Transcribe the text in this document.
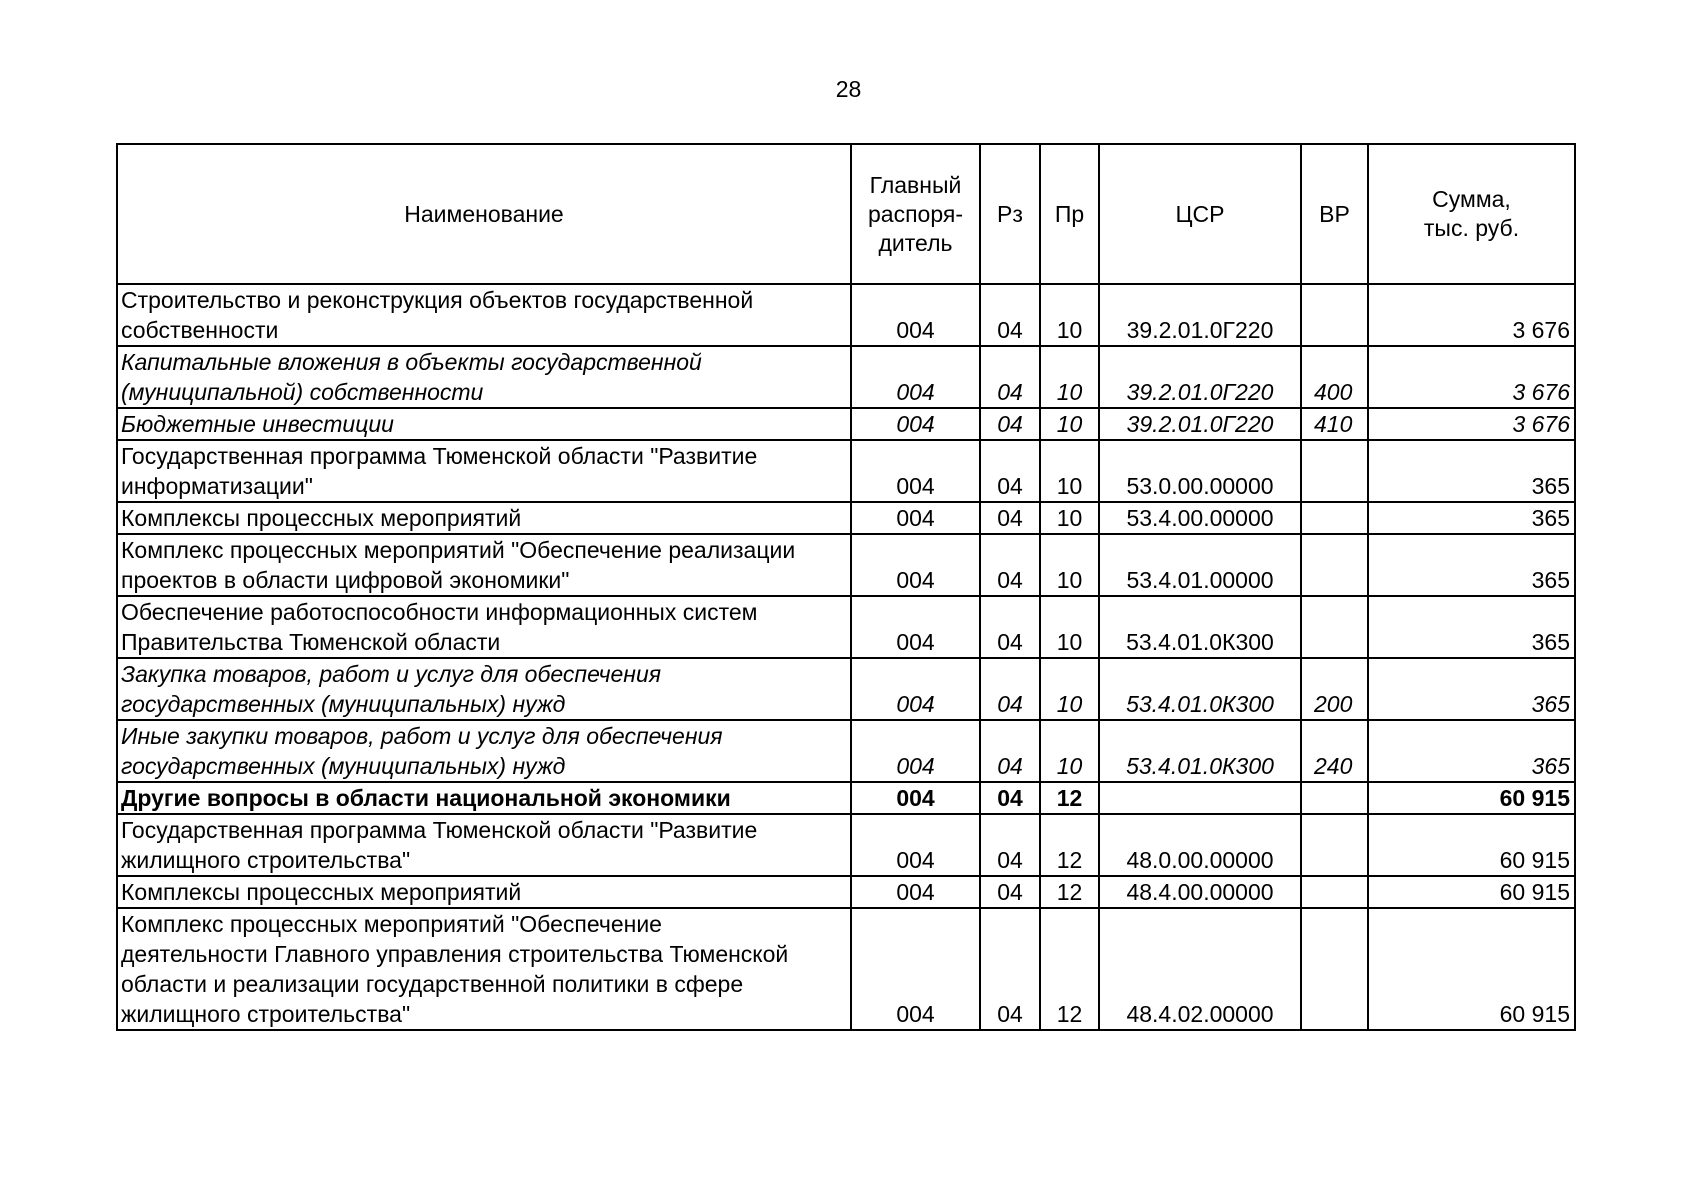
28
Наименование	Главный
распоря-
дитель	Рз	Пр	ЦСР	ВР	Сумма,
тыс. руб.
Строительство и реконструкция объектов государственной
собственности	004	04	10	39.2.01.0Г220		3 676
Капитальные вложения в объекты государственной
(муниципальной) собственности	004	04	10	39.2.01.0Г220	400	3 676
Бюджетные инвестиции	004	04	10	39.2.01.0Г220	410	3 676
Государственная программа Тюменской области "Развитие
информатизации"	004	04	10	53.0.00.00000		365
Комплексы процессных мероприятий	004	04	10	53.4.00.00000		365
Комплекс процессных мероприятий "Обеспечение реализации
проектов в области цифровой экономики"	004	04	10	53.4.01.00000		365
Обеспечение работоспособности информационных систем
Правительства Тюменской области	004	04	10	53.4.01.0К300		365
Закупка товаров, работ и услуг для обеспечения
государственных (муниципальных) нужд	004	04	10	53.4.01.0К300	200	365
Иные закупки товаров, работ и услуг для обеспечения
государственных (муниципальных) нужд	004	04	10	53.4.01.0К300	240	365
Другие вопросы в области национальной экономики	004	04	12			60 915
Государственная программа Тюменской области "Развитие
жилищного строительства"	004	04	12	48.0.00.00000		60 915
Комплексы процессных мероприятий	004	04	12	48.4.00.00000		60 915
Комплекс процессных мероприятий "Обеспечение
деятельности Главного управления строительства Тюменской
области и реализации государственной политики в сфере
жилищного строительства"	004	04	12	48.4.02.00000		60 915
